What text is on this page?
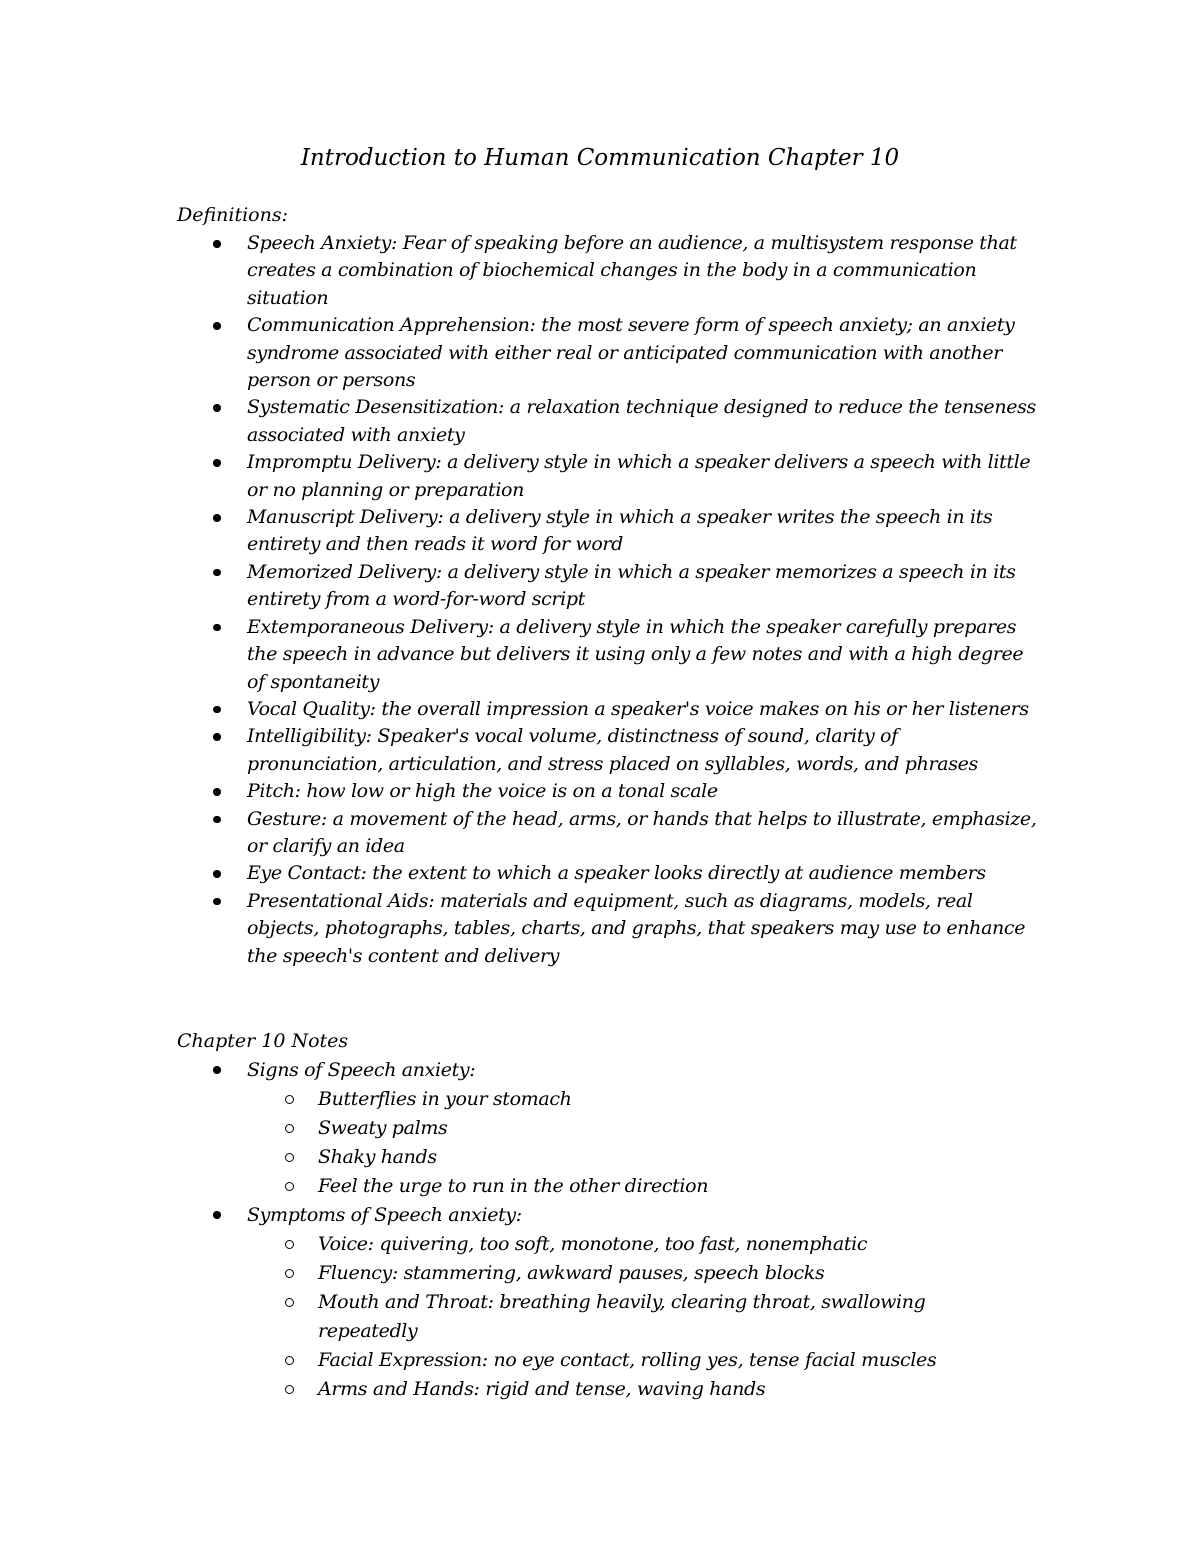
Introduction to Human Communication Chapter 10

Definitions:

Speech Anxiety: Fear of speaking before an audience, a multisystem response that creates a combination of biochemical changes in the body in a communication situation
Communication Apprehension: the most severe form of speech anxiety; an anxiety syndrome associated with either real or anticipated communication with another person or persons
Systematic Desensitization: a relaxation technique designed to reduce the tenseness associated with anxiety
Impromptu Delivery: a delivery style in which a speaker delivers a speech with little or no planning or preparation
Manuscript Delivery: a delivery style in which a speaker writes the speech in its entirety and then reads it word for word
Memorized Delivery: a delivery style in which a speaker memorizes a speech in its entirety from a word-for-word script
Extemporaneous Delivery: a delivery style in which the speaker carefully prepares the speech in advance but delivers it using only a few notes and with a high degree of spontaneity
Vocal Quality: the overall impression a speaker's voice makes on his or her listeners
Intelligibility: Speaker's vocal volume, distinctness of sound, clarity of pronunciation, articulation, and stress placed on syllables, words, and phrases
Pitch: how low or high the voice is on a tonal scale
Gesture: a movement of the head, arms, or hands that helps to illustrate, emphasize, or clarify an idea
Eye Contact: the extent to which a speaker looks directly at audience members
Presentational Aids: materials and equipment, such as diagrams, models, real objects, photographs, tables, charts, and graphs, that speakers may use to enhance the speech's content and delivery

Chapter 10 Notes

Signs of Speech anxiety:
Butterflies in your stomach
Sweaty palms
Shaky hands
Feel the urge to run in the other direction
Symptoms of Speech anxiety:
Voice: quivering, too soft, monotone, too fast, nonemphatic
Fluency: stammering, awkward pauses, speech blocks
Mouth and Throat: breathing heavily, clearing throat, swallowing repeatedly
Facial Expression: no eye contact, rolling yes, tense facial muscles
Arms and Hands: rigid and tense, waving hands
